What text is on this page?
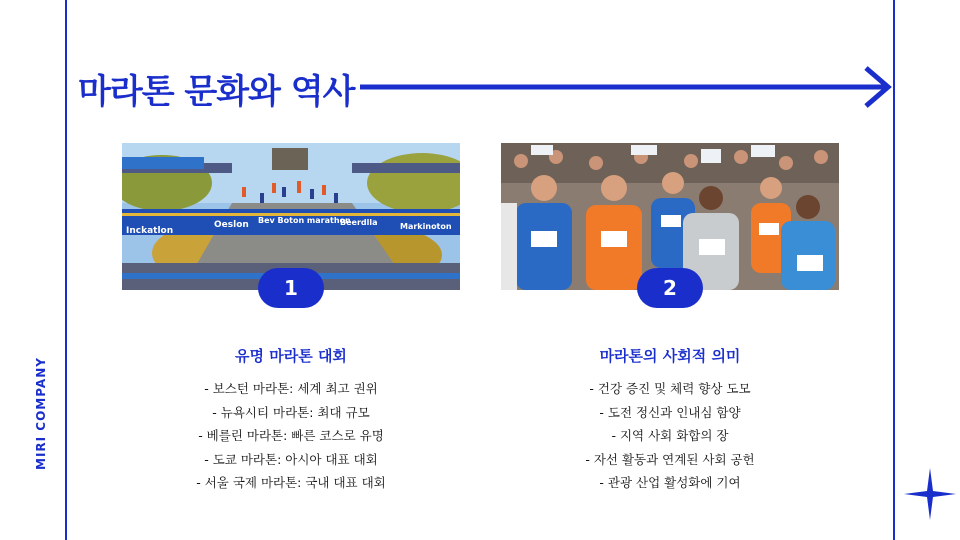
MIRI COMPANY
마라톤 문화와 역사
Inckatlon
Oeslon Bev Boton marathon
Beerdlla	Markinoton
1	2
유명 마라톤 대회	마라톤의 사회적 의미
- 보스턴 마라톤: 세계 최고 권위
- 뉴욕시티 마라톤: 최대 규모
- 베를린 마라톤: 빠른 코스로 유명
- 도쿄 마라톤: 아시아 대표 대회
- 서울 국제 마라톤: 국내 대표 대회
- 건강 증진 및 체력 향상 도모
- 도전 정신과 인내심 함양
- 지역 사회 화합의 장
- 자선 활동과 연계된 사회 공헌
- 관광 산업 활성화에 기여
